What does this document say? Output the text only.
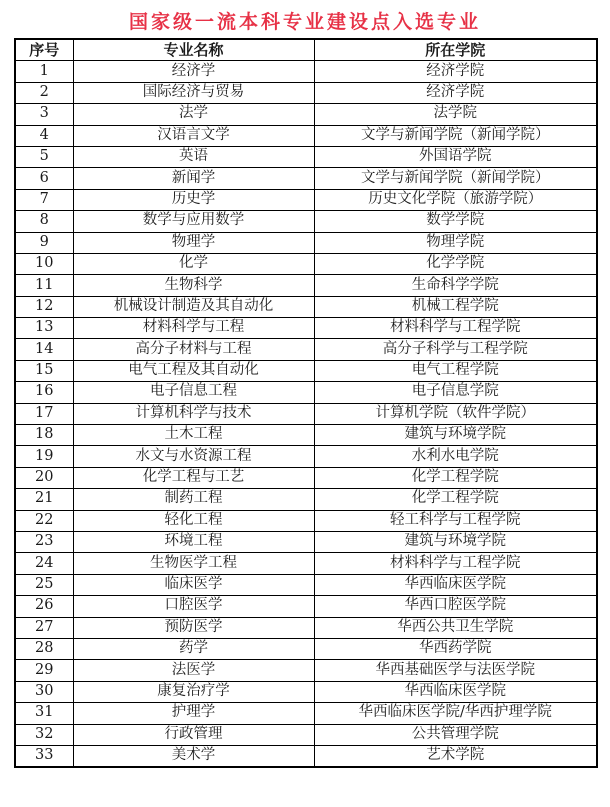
国家级一流本科专业建设点入选专业
序号	专业名称	所在学院
1	经济学	经济学院
2	国际经济与贸易	经济学院
3	法学	法学院
4	汉语言文学	文学与新闻学院（新闻学院）
5	英语	外国语学院
6	新闻学	文学与新闻学院（新闻学院）
7	历史学	历史文化学院（旅游学院）
8	数学与应用数学	数学学院
9	物理学	物理学院
10	化学	化学学院
11	生物科学	生命科学学院
12	机械设计制造及其自动化	机械工程学院
13	材料科学与工程	材料科学与工程学院
14	高分子材料与工程	高分子科学与工程学院
15	电气工程及其自动化	电气工程学院
16	电子信息工程	电子信息学院
17	计算机科学与技术	计算机学院（软件学院）
18	土木工程	建筑与环境学院
19	水文与水资源工程	水利水电学院
20	化学工程与工艺	化学工程学院
21	制药工程	化学工程学院
22	轻化工程	轻工科学与工程学院
23	环境工程	建筑与环境学院
24	生物医学工程	材料科学与工程学院
25	临床医学	华西临床医学院
26	口腔医学	华西口腔医学院
27	预防医学	华西公共卫生学院
28	药学	华西药学院
29	法医学	华西基础医学与法医学院
30	康复治疗学	华西临床医学院
31	护理学	华西临床医学院/华西护理学院
32	行政管理	公共管理学院
33	美术学	艺术学院
